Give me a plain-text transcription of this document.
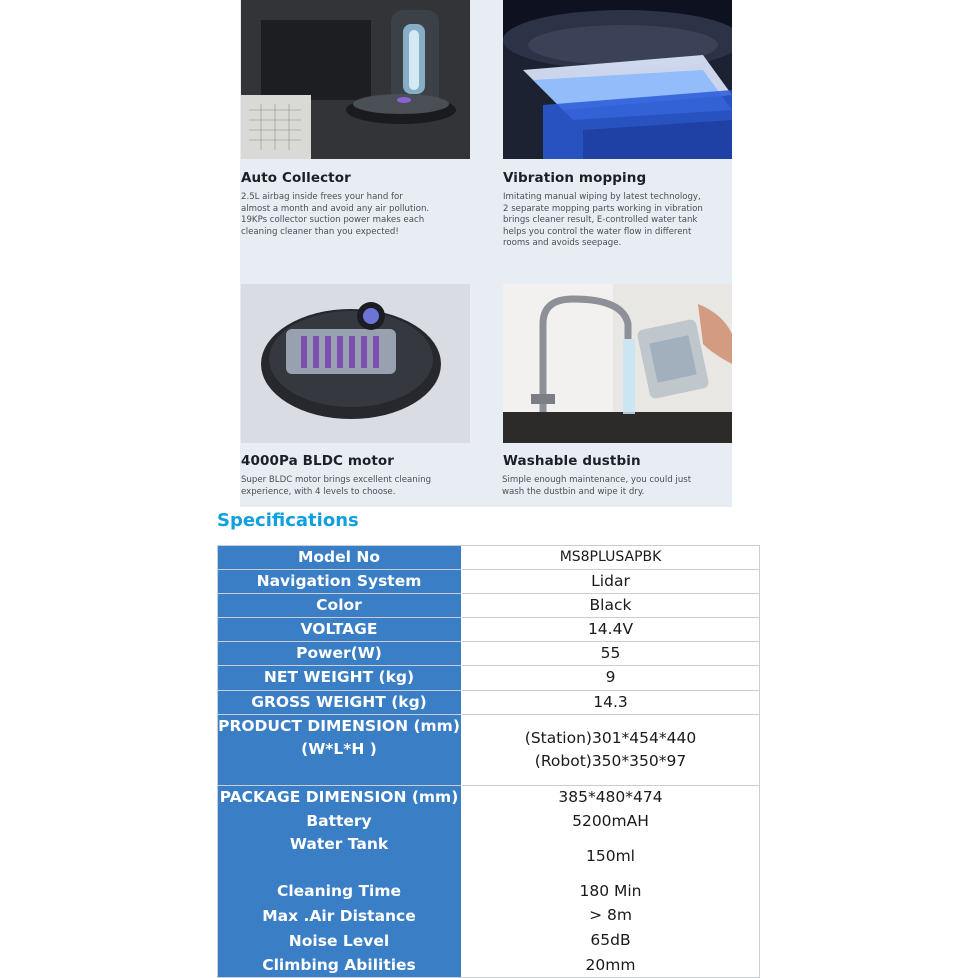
Auto Collector
2.5L airbag inside frees your hand for
almost a month and avoid any air pollution.
19KPs collector suction power makes each
cleaning cleaner than you expected!
Vibration mopping
Imitating manual wiping by latest technology,
2 separate mopping parts working in vibration
brings cleaner result, E-controlled water tank
helps you control the water flow in different
rooms and avoids seepage.
4000Pa BLDC motor
Super BLDC motor brings excellent cleaning
experience, with 4 levels to choose.
Washable dustbin
Simple enough maintenance, you could just
wash the dustbin and wipe it dry.
Specifications
Model No
Navigation System
Color
VOLTAGE
Power(W)
NET WEIGHT (kg)
GROSS WEIGHT (kg)
PRODUCT DIMENSION (mm)
(W*L*H )
PACKAGE DIMENSION (mm)
Battery
Water Tank
Cleaning Time
Max .Air Distance
Noise Level
Climbing Abilities
MS8PLUSAPBK
Lidar
Black
14.4V
55
9
14.3
(Station)301*454*440
(Robot)350*350*97
385*480*474
5200mAH
150ml
180 Min
> 8m
65dB
20mm
